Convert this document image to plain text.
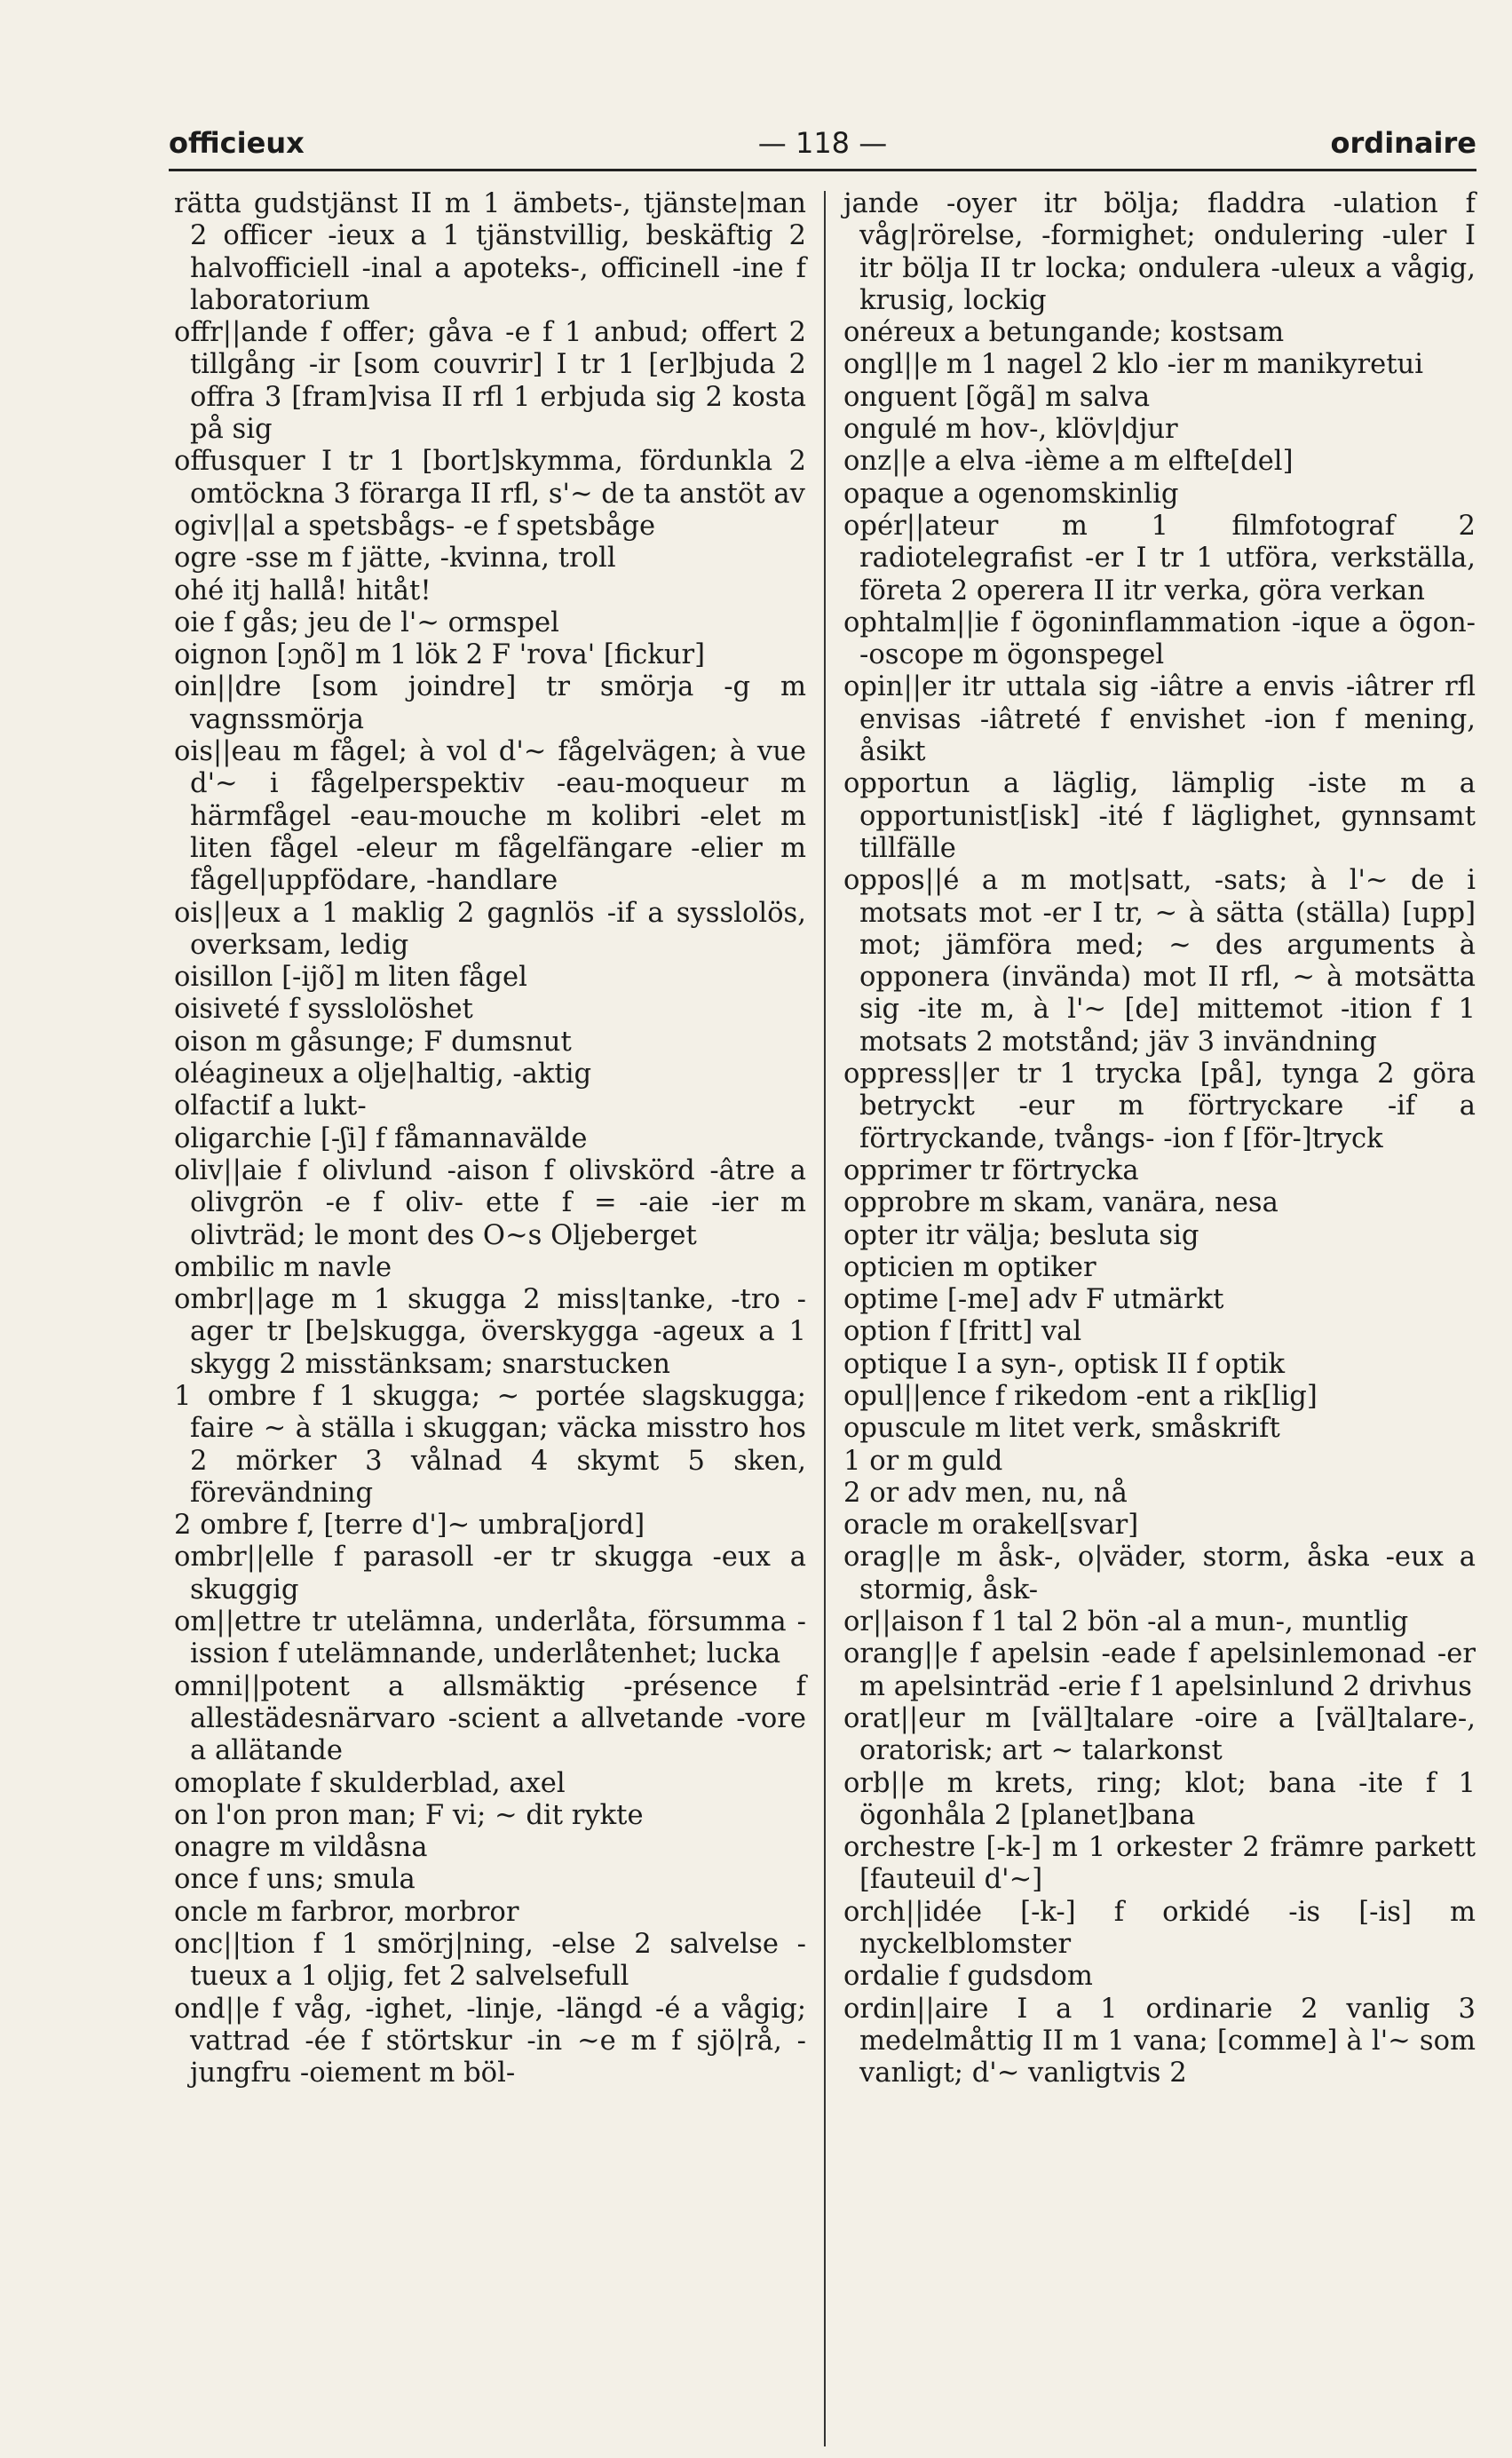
officieux	— 118 —	ordinaire

rätta gudstjänst II m 1 ämbets-, tjänste|man 2 officer -ieux a 1 tjänstvillig, beskäftig 2 halvofficiell -inal a apoteks-, officinell -ine f laboratorium

offr||ande f offer; gåva -e f 1 anbud; offert 2 tillgång -ir [som couvrir] I tr 1 [er]bjuda 2 offra 3 [fram]visa II rfl 1 erbjuda sig 2 kosta på sig

offusquer I tr 1 [bort]skymma, fördunkla 2 omtöckna 3 förarga II rfl, s'~ de ta anstöt av

ogiv||al a spetsbågs- -e f spetsbåge

ogre -sse m f jätte, -kvinna, troll

ohé itj hallå! hitåt!

oie f gås; jeu de l'~ ormspel

oignon [ɔɲõ] m 1 lök 2 F 'rova' [fickur]

oin||dre [som joindre] tr smörja -g m vagnssmörja

ois||eau m fågel; à vol d'~ fågelvägen; à vue d'~ i fågelperspektiv -eau-moqueur m härmfågel -eau-mouche m kolibri -elet m liten fågel -eleur m fågelfängare -elier m fågel|uppfödare, -handlare

ois||eux a 1 maklig 2 gagnlös -if a sysslolös, overksam, ledig

oisillon [-ijõ] m liten fågel

oisiveté f sysslolöshet

oison m gåsunge; F dumsnut

oléagineux a olje|haltig, -aktig

olfactif a lukt-

oligarchie [-ʃi] f fåmannavälde

oliv||aie f olivlund -aison f olivskörd -âtre a olivgrön -e f oliv- ette f = -aie -ier m olivträd; le mont des O~s Oljeberget

ombilic m navle

ombr||age m 1 skugga 2 miss|tanke, -tro -ager tr [be]skugga, överskygga -ageux a 1 skygg 2 misstänksam; snarstucken

1 ombre f 1 skugga; ~ portée slagskugga; faire ~ à ställa i skuggan; väcka misstro hos 2 mörker 3 vålnad 4 skymt 5 sken, förevändning

2 ombre f, [terre d']~ umbra[jord]

ombr||elle f parasoll -er tr skugga -eux a skuggig

om||ettre tr utelämna, underlåta, försumma -ission f utelämnande, underlåtenhet; lucka

omni||potent a allsmäktig -présence f allestädesnärvaro -scient a allvetande -vore a allätande

omoplate f skulderblad, axel

on l'on pron man; F vi; ~ dit rykte

onagre m vildåsna

once f uns; smula

oncle m farbror, morbror

onc||tion f 1 smörj|ning, -else 2 salvelse -tueux a 1 oljig, fet 2 salvelsefull

ond||e f våg, -ighet, -linje, -längd -é a vågig; vattrad -ée f störtskur -in ~e m f sjö|rå, -jungfru -oiement m böl-

jande -oyer itr bölja; fladdra -ulation f våg|rörelse, -formighet; ondulering -uler I itr bölja II tr locka; ondulera -uleux a vågig, krusig, lockig

onéreux a betungande; kostsam

ongl||e m 1 nagel 2 klo -ier m manikyretui

onguent [õgã] m salva

ongulé m hov-, klöv|djur

onz||e a elva -ième a m elfte[del]

opaque a ogenomskinlig

opér||ateur m 1 filmfotograf 2 radiotelegrafist -er I tr 1 utföra, verkställa, företa 2 operera II itr verka, göra verkan

ophtalm||ie f ögoninflammation -ique a ögon- -oscope m ögonspegel

opin||er itr uttala sig -iâtre a envis -iâtrer rfl envisas -iâtreté f envishet -ion f mening, åsikt

opportun a läglig, lämplig -iste m a opportunist[isk] -ité f läglighet, gynnsamt tillfälle

oppos||é a m mot|satt, -sats; à l'~ de i motsats mot -er I tr, ~ à sätta (ställa) [upp] mot; jämföra med; ~ des arguments à opponera (invända) mot II rfl, ~ à motsätta sig -ite m, à l'~ [de] mittemot -ition f 1 motsats 2 motstånd; jäv 3 invändning

oppress||er tr 1 trycka [på], tynga 2 göra betryckt -eur m förtryckare -if a förtryckande, tvångs- -ion f [för-]tryck

opprimer tr förtrycka

opprobre m skam, vanära, nesa

opter itr välja; besluta sig

opticien m optiker

optime [-me] adv F utmärkt

option f [fritt] val

optique I a syn-, optisk II f optik

opul||ence f rikedom -ent a rik[lig]

opuscule m litet verk, småskrift

1 or m guld

2 or adv men, nu, nå

oracle m orakel[svar]

orag||e m åsk-, o|väder, storm, åska -eux a stormig, åsk-

or||aison f 1 tal 2 bön -al a mun-, muntlig

orang||e f apelsin -eade f apelsinlemonad -er m apelsinträd -erie f 1 apelsinlund 2 drivhus

orat||eur m [väl]talare -oire a [väl]talare-, oratorisk; art ~ talarkonst

orb||e m krets, ring; klot; bana -ite f 1 ögonhåla 2 [planet]bana

orchestre [-k-] m 1 orkester 2 främre parkett [fauteuil d'~]

orch||idée [-k-] f orkidé -is [-is] m nyckelblomster

ordalie f gudsdom

ordin||aire I a 1 ordinarie 2 vanlig 3 medelmåttig II m 1 vana; [comme] à l'~ som vanligt; d'~ vanligtvis 2
